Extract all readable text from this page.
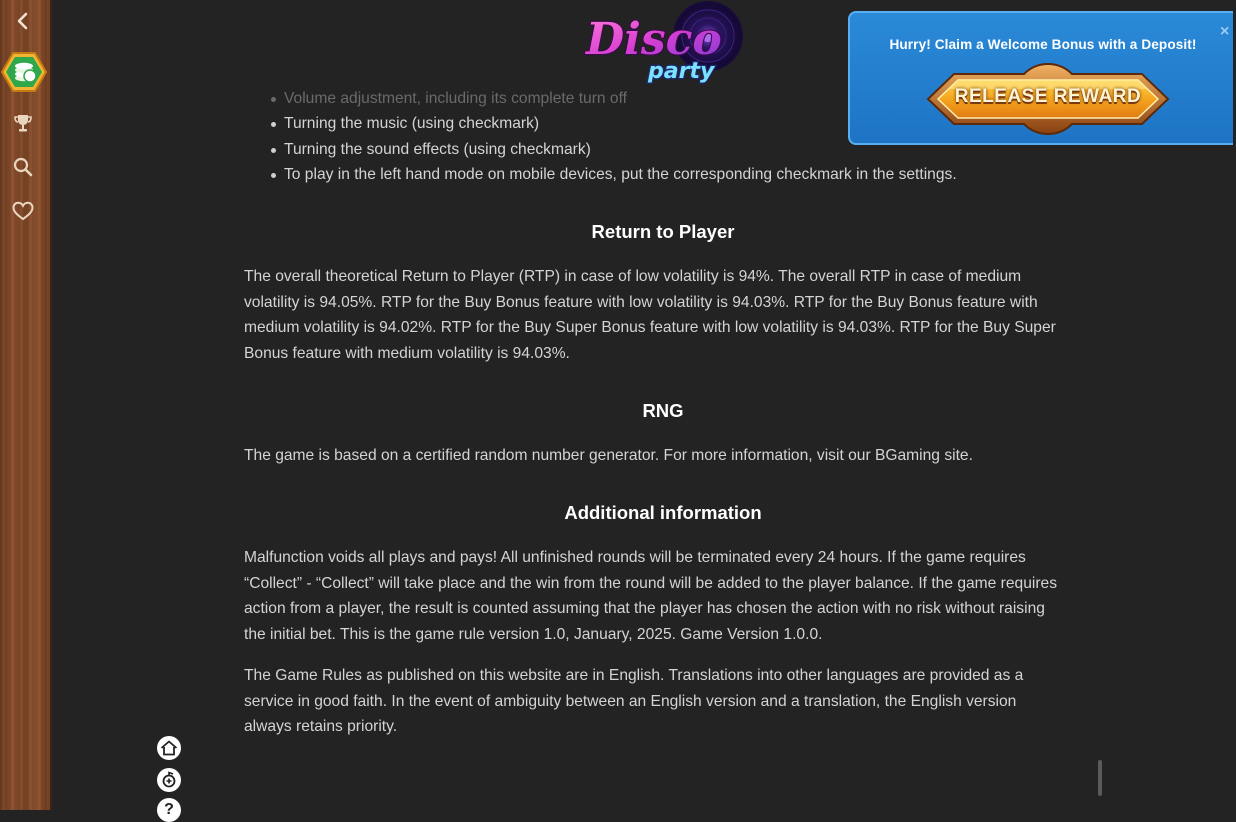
Disco
party
Volume adjustment, including its complete turn off
Turning the music (using checkmark)
Turning the sound effects (using checkmark)
To play in the left hand mode on mobile devices, put the corresponding checkmark in the settings.
Return to Player
The overall theoretical Return to Player (RTP) in case of low volatility is 94%. The overall RTP in case of medium
volatility is 94.05%. RTP for the Buy Bonus feature with low volatility is 94.03%. RTP for the Buy Bonus feature with
medium volatility is 94.02%. RTP for the Buy Super Bonus feature with low volatility is 94.03%. RTP for the Buy Super
Bonus feature with medium volatility is 94.03%.
RNG
The game is based on a certified random number generator. For more information, visit our BGaming site.
Additional information
Malfunction voids all plays and pays! All unfinished rounds will be terminated every 24 hours. If the game requires
“Collect” - “Collect” will take place and the win from the round will be added to the player balance. If the game requires
action from a player, the result is counted assuming that the player has chosen the action with no risk without raising
the initial bet. This is the game rule version 1.0, January, 2025. Game Version 1.0.0.
The Game Rules as published on this website are in English. Translations into other languages are provided as a
service in good faith. In the event of ambiguity between an English version and a translation, the English version
always retains priority.
Hurry! Claim a Welcome Bonus with a Deposit!
×
RELEASE REWARD
?
